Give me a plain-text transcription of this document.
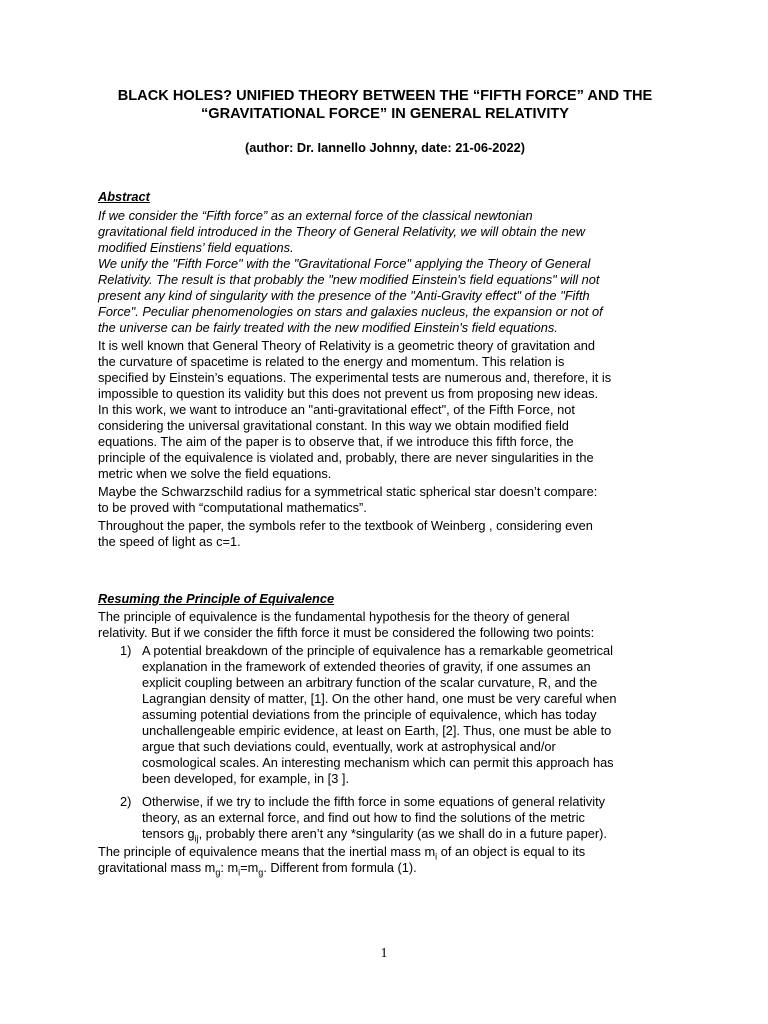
BLACK HOLES? UNIFIED THEORY BETWEEN THE “FIFTH FORCE” AND THE
“GRAVITATIONAL FORCE” IN GENERAL RELATIVITY
(author: Dr. Iannello Johnny, date: 21-06-2022)
Abstract
If we consider the “Fifth force” as an external force of the classical newtonian
gravitational field introduced in the Theory of General Relativity, we will obtain the new
modified Einstiens’ field equations.
We unify the "Fifth Force" with the "Gravitational Force" applying the Theory of General
Relativity. The result is that probably the "new modified Einstein's field equations" will not
present any kind of singularity with the presence of the "Anti-Gravity effect" of the "Fifth
Force". Peculiar phenomenologies on stars and galaxies nucleus, the expansion or not of
the universe can be fairly treated with the new modified Einstein's field equations.
It is well known that General Theory of Relativity is a geometric theory of gravitation and
the curvature of spacetime is related to the energy and momentum. This relation is
specified by Einstein’s equations. The experimental tests are numerous and, therefore, it is
impossible to question its validity but this does not prevent us from proposing new ideas.
In this work, we want to introduce an "anti-gravitational effect", of the Fifth Force, not
considering the universal gravitational constant. In this way we obtain modified field
equations. The aim of the paper is to observe that, if we introduce this fifth force, the
principle of the equivalence is violated and, probably, there are never singularities in the
metric when we solve the field equations.
Maybe the Schwarzschild radius for a symmetrical static spherical star doesn’t compare:
to be proved with “computational mathematics”.
Throughout the paper, the symbols refer to the textbook of Weinberg , considering even
the speed of light as c=1.
Resuming the Principle of Equivalence
The principle of equivalence is the fundamental hypothesis for the theory of general
relativity. But if we consider the fifth force it must be considered the following two points:
1) A potential breakdown of the principle of equivalence has a remarkable geometrical
explanation in the framework of extended theories of gravity, if one assumes an
explicit coupling between an arbitrary function of the scalar curvature, R, and the
Lagrangian density of matter, [1]. On the other hand, one must be very careful when
assuming potential deviations from the principle of equivalence, which has today
unchallengeable empiric evidence, at least on Earth, [2]. Thus, one must be able to
argue that such deviations could, eventually, work at astrophysical and/or
cosmological scales. An interesting mechanism which can permit this approach has
been developed, for example, in [3 ].
2) Otherwise, if we try to include the fifth force in some equations of general relativity
theory, as an external force, and find out how to find the solutions of the metric
tensors $g_{ij}$, probably there aren’t any *singularity (as we shall do in a future paper).
The principle of equivalence means that the inertial mass $m_i$ of an object is equal to its
gravitational mass $m_g$: $m_i=m_g$. Different from formula (1).
1
